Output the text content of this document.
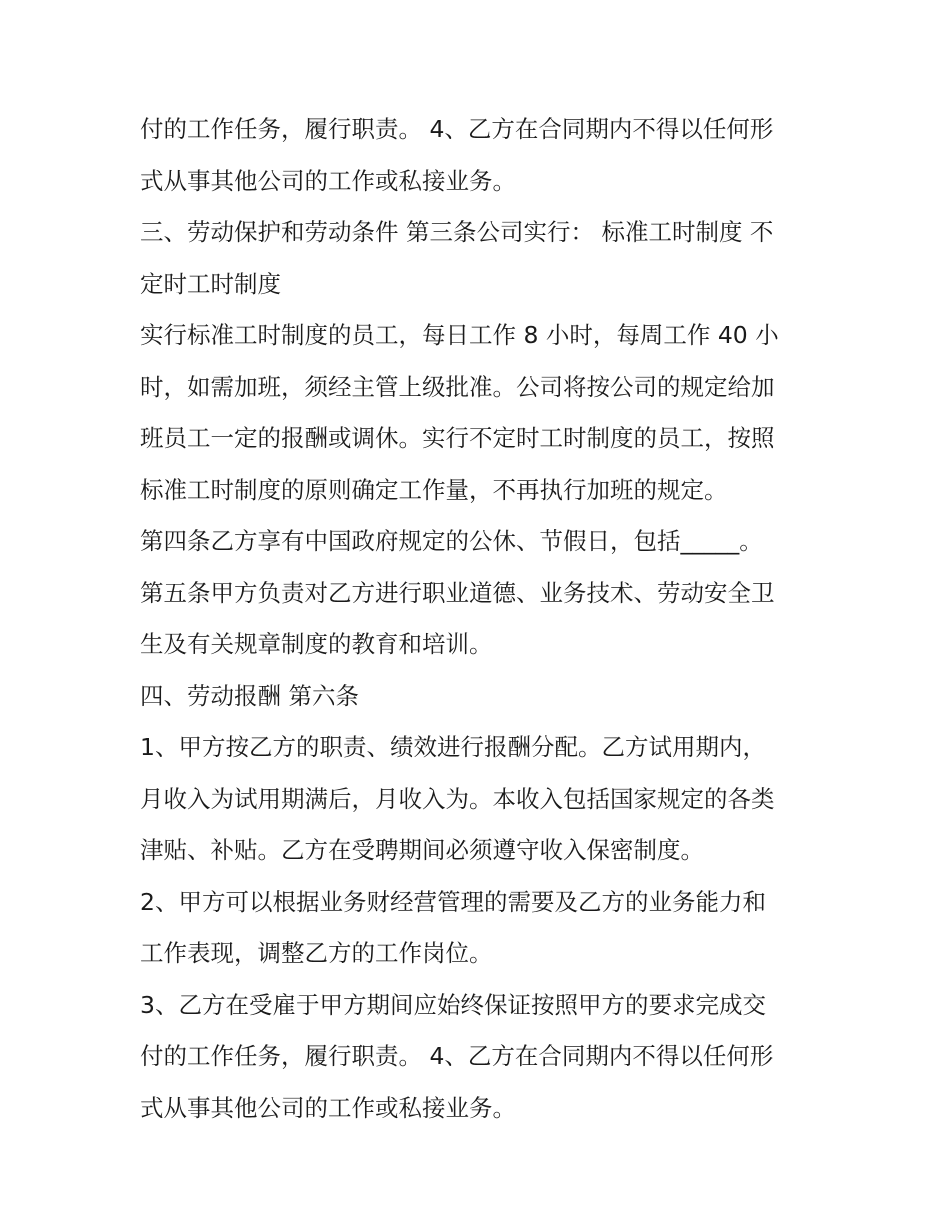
付的工作任务，履行职责。 4、乙方在合同期内不得以任何形
式从事其他公司的工作或私接业务。
三、劳动保护和劳动条件 第三条公司实行： 标准工时制度 不
定时工时制度
实行标准工时制度的员工，每日工作 8 小时，每周工作 40 小
时，如需加班，须经主管上级批准。公司将按公司的规定给加
班员工一定的报酬或调休。实行不定时工时制度的员工，按照
标准工时制度的原则确定工作量，不再执行加班的规定。
第四条乙方享有中国政府规定的公休、节假日，包括_____。
第五条甲方负责对乙方进行职业道德、业务技术、劳动安全卫
生及有关规章制度的教育和培训。
四、劳动报酬 第六条
1、甲方按乙方的职责、绩效进行报酬分配。乙方试用期内，
月收入为试用期满后，月收入为。本收入包括国家规定的各类
津贴、补贴。乙方在受聘期间必须遵守收入保密制度。
2、甲方可以根据业务财经营管理的需要及乙方的业务能力和
工作表现，调整乙方的工作岗位。
3、乙方在受雇于甲方期间应始终保证按照甲方的要求完成交
付的工作任务，履行职责。 4、乙方在合同期内不得以任何形
式从事其他公司的工作或私接业务。
